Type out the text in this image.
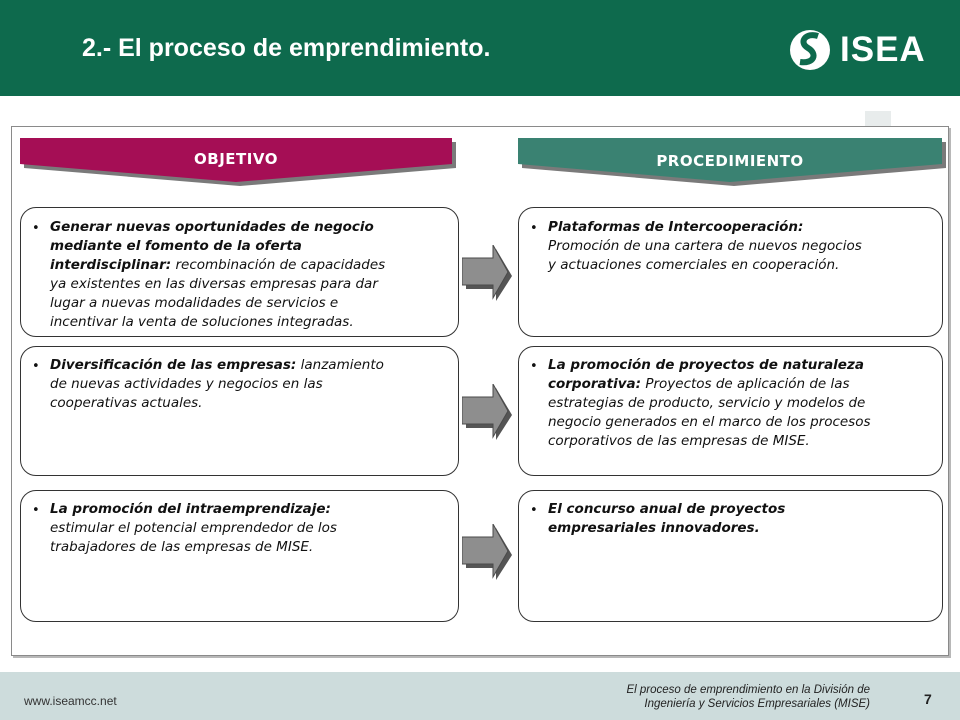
2.- El proceso de emprendimiento.	ISEA
OBJETIVO	PROCEDIMIENTO
• Generar nuevas oportunidades de negocio
mediante el fomento de la oferta
interdisciplinar: recombinación de capacidades
ya existentes en las diversas empresas para dar
lugar a nuevas modalidades de servicios e
incentivar la venta de soluciones integradas.
• Plataformas de Intercooperación:
Promoción de una cartera de nuevos negocios
y actuaciones comerciales en cooperación.
• Diversificación de las empresas: lanzamiento
de nuevas actividades y negocios en las
cooperativas actuales.
• La promoción de proyectos de naturaleza
corporativa: Proyectos de aplicación de las
estrategias de producto, servicio y modelos de
negocio generados en el marco de los procesos
corporativos de las empresas de MISE.
• La promoción del intraemprendizaje:
estimular el potencial emprendedor de los
trabajadores de las empresas de MISE.
• El concurso anual de proyectos
empresariales innovadores.
www.iseamcc.net
El proceso de emprendimiento en la División de
Ingeniería y Servicios Empresariales (MISE)	7
